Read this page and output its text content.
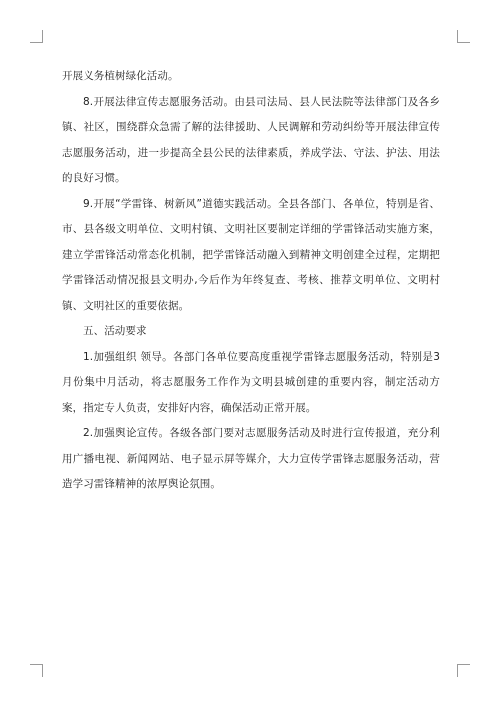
开展义务植树绿化活动。

8.开展法律宣传志愿服务活动。由县司法局、县人民法院等法律部门及各乡镇、社区，围绕群众急需了解的法律援助、人民调解和劳动纠纷等开展法律宣传志愿服务活动，进一步提高全县公民的法律素质，养成学法、守法、护法、用法的良好习惯。

9.开展“学雷锋、树新风”道德实践活动。全县各部门、各单位，特别是省、市、县各级文明单位、文明村镇、文明社区要制定详细的学雷锋活动实施方案，建立学雷锋活动常态化机制，把学雷锋活动融入到精神文明创建全过程，定期把学雷锋活动情况报县文明办,今后作为年终复查、考核、推荐文明单位、文明村镇、文明社区的重要依据。

五、活动要求

1.加强组织 领导。各部门各单位要高度重视学雷锋志愿服务活动，特别是3月份集中月活动，将志愿服务工作作为文明县城创建的重要内容，制定活动方案，指定专人负责，安排好内容，确保活动正常开展。

2.加强舆论宣传。各级各部门要对志愿服务活动及时进行宣传报道，充分利用广播电视、新闻网站、电子显示屏等媒介，大力宣传学雷锋志愿服务活动，营造学习雷锋精神的浓厚舆论氛围。
